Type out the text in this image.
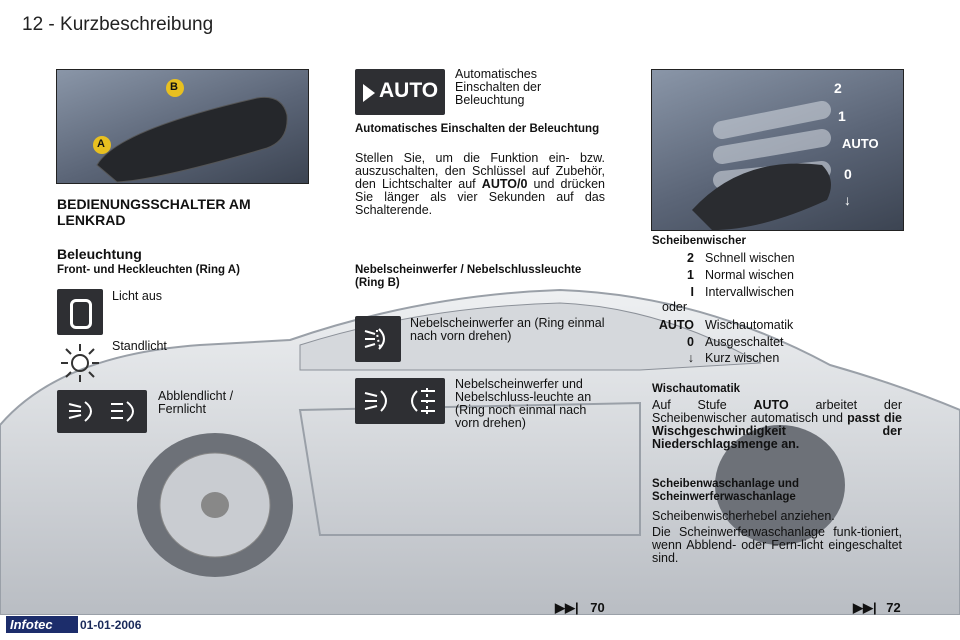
12 - Kurzbeschreibung
B
A
BEDIENUNGSSCHALTER AM LENKRAD
Beleuchtung
Front- und Heckleuchten (Ring A)
Licht aus
Standlicht
Abblendlicht / Fernlicht
AUTO
Automatisches Einschalten der Beleuchtung
Automatisches Einschalten der Beleuchtung
Stellen Sie, um die Funktion ein- bzw. auszuschalten, den Schlüssel auf Zubehör, den Lichtschalter auf AUTO/0 und drücken Sie länger als vier Sekunden auf das Schalterende.
Nebelscheinwerfer / Nebelschlussleuchte (Ring B)
Nebelscheinwerfer an (Ring einmal nach vorn drehen)
Nebelscheinwerfer und Nebelschluss-leuchte an (Ring noch einmal nach vorn drehen)
2
1
AUTO
0
↓
Scheibenwischer
2 Schnell wischen
1 Normal wischen
I Intervallwischen
oder
AUTO Wischautomatik
0 Ausgeschaltet
↓ Kurz wischen
Wischautomatik
Auf Stufe AUTO arbeitet der Scheibenwischer automatisch und passt die Wischgeschwindigkeit der Niederschlagsmenge an.
Scheibenwaschanlage und Scheinwerferwaschanlage
Scheibenwischerhebel anziehen.
Die Scheinwerferwaschanlage funk-tioniert, wenn Abblend- oder Fern-licht eingeschaltet sind.
Infotec	01-01-2006
▶▶| 70	▶▶| 72
